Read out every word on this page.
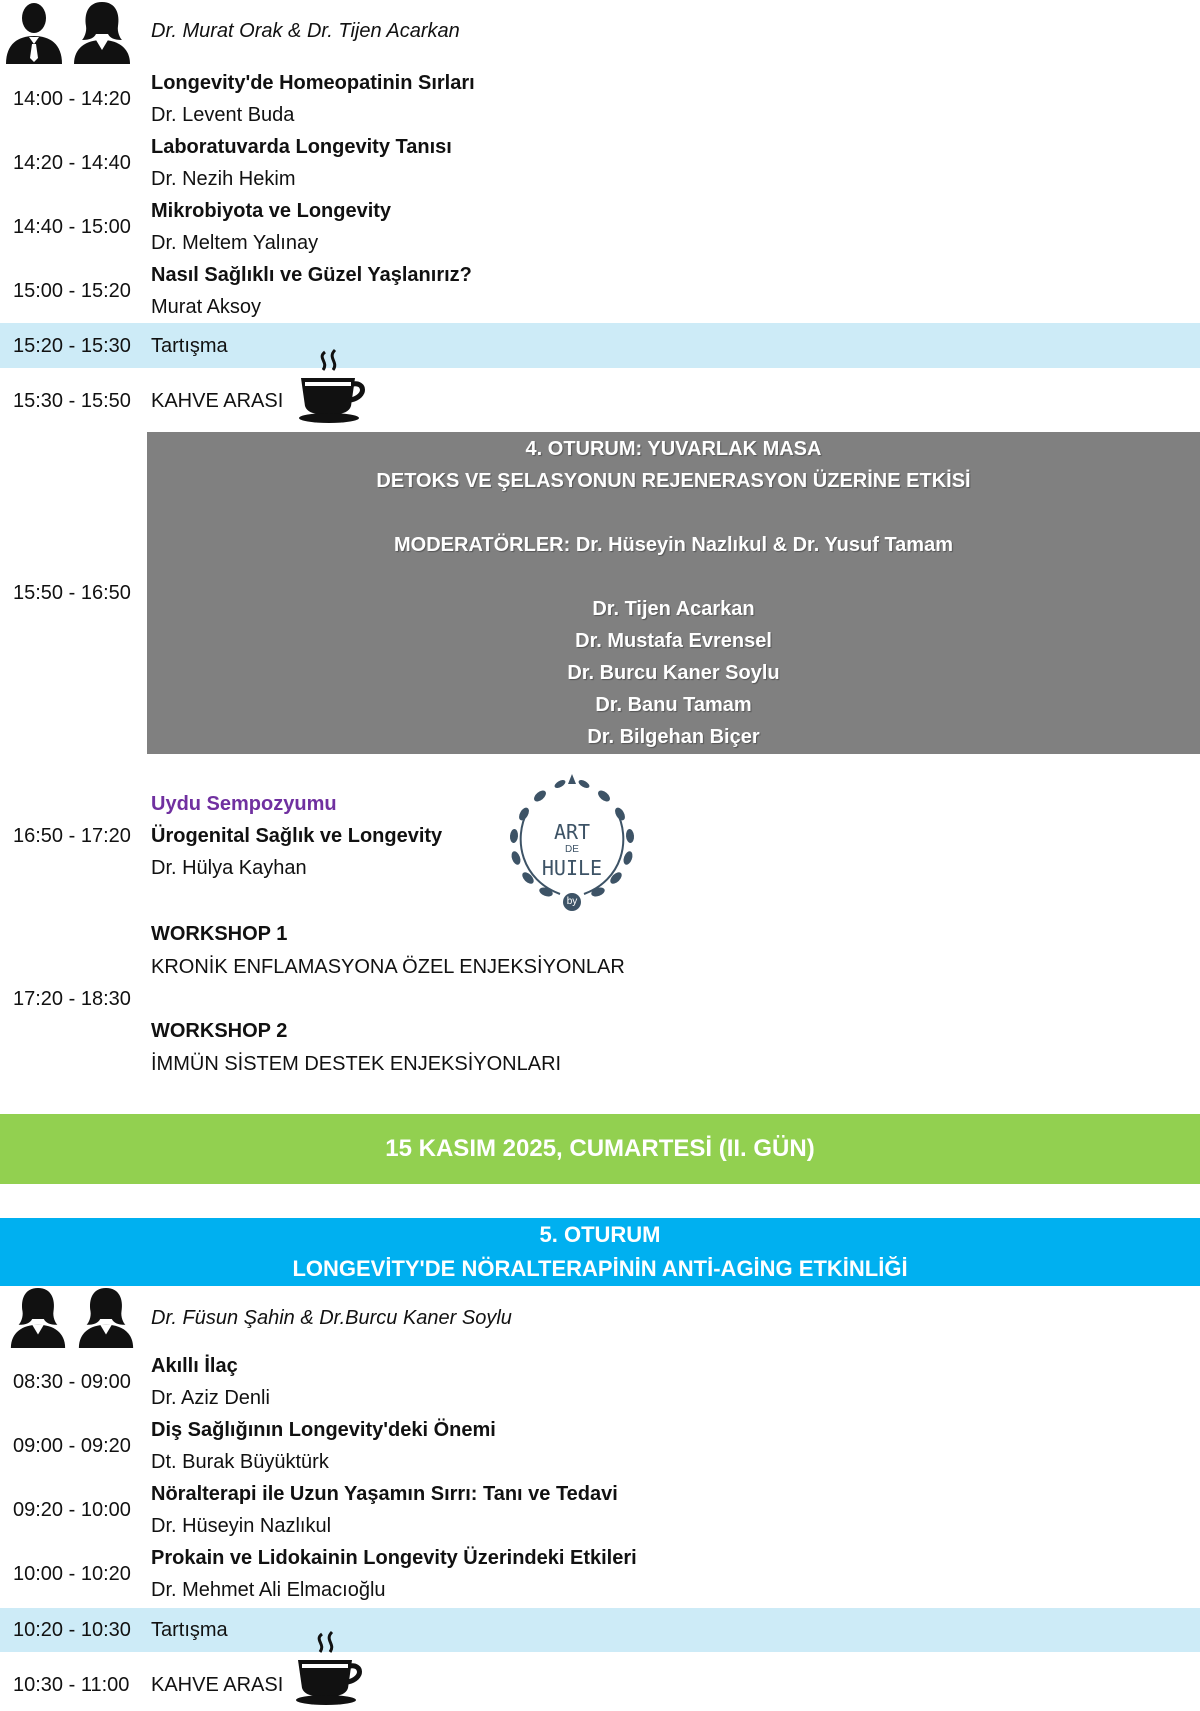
Dr. Murat Orak & Dr. Tijen Acarkan
14:00 - 14:20
Longevity'de Homeopatinin Sırları
Dr. Levent Buda
14:20 - 14:40
Laboratuvarda Longevity Tanısı
Dr. Nezih Hekim
14:40 - 15:00
Mikrobiyota ve Longevity
Dr. Meltem Yalınay
15:00 - 15:20
Nasıl Sağlıklı ve Güzel Yaşlanırız?
Murat Aksoy
15:20 - 15:30 Tartışma
15:30 - 15:50 KAHVE ARASI
15:50 - 16:50
4. OTURUM: YUVARLAK MASA
DETOKS VE ŞELASYONUN REJENERASYON ÜZERİNE ETKİSİ
MODERATÖRLER: Dr. Hüseyin Nazlıkul & Dr. Yusuf Tamam
Dr. Tijen Acarkan
Dr. Mustafa Evrensel
Dr. Burcu Kaner Soylu
Dr. Banu Tamam
Dr. Bilgehan Biçer
16:50 - 17:20
Uydu Sempozyumu
Ürogenital Sağlık ve Longevity
Dr. Hülya Kayhan
ART
DE
HUILE
by
17:20 - 18:30
WORKSHOP 1
KRONİK ENFLAMASYONA ÖZEL ENJEKSİYONLAR
WORKSHOP 2
İMMÜN SİSTEM DESTEK ENJEKSİYONLARI
15 KASIM 2025, CUMARTESİ (II. GÜN)
5. OTURUM
LONGEVİTY'DE NÖRALTERAPİNİN ANTİ-AGİNG ETKİNLİĞİ
Dr. Füsun Şahin & Dr.Burcu Kaner Soylu
08:30 - 09:00
Akıllı İlaç
Dr. Aziz Denli
09:00 - 09:20
Diş Sağlığının Longevity'deki Önemi
Dt. Burak Büyüktürk
09:20 - 10:00
Nöralterapi ile Uzun Yaşamın Sırrı: Tanı ve Tedavi
Dr. Hüseyin Nazlıkul
10:00 - 10:20
Prokain ve Lidokainin Longevity Üzerindeki Etkileri
Dr. Mehmet Ali Elmacıoğlu
10:20 - 10:30 Tartışma
10:30 - 11:00 KAHVE ARASI
